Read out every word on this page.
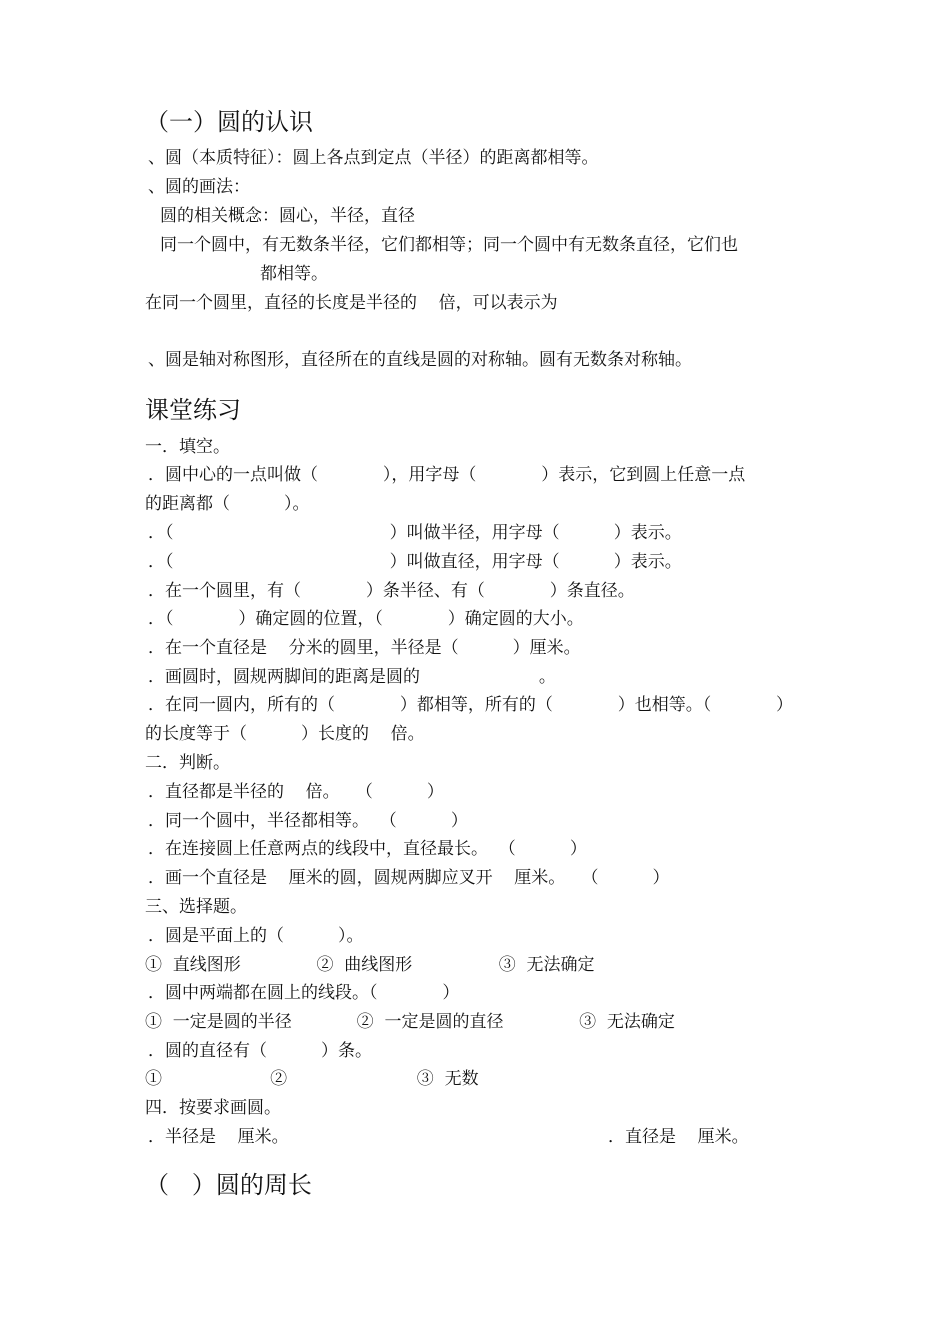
（一）圆的认识
、圆（本质特征）：圆上各点到定点（半径）的距离都相等。
、圆的画法：
圆的相关概念：圆心，半径，直径
同一个圆中，有无数条半径，它们都相等；同一个圆中有无数条直径，它们也
都相等。
在同一个圆里，直径的长度是半径的    倍，可以表示为
、圆是轴对称图形，直径所在的直线是圆的对称轴。圆有无数条对称轴。
课堂练习
一．填空。
．圆中心的一点叫做（            ），用字母（            ）表示，它到圆上任意一点
的距离都（          ）。
．（                                        ）叫做半径，用字母（          ）表示。
．（                                        ）叫做直径，用字母（          ）表示。
．在一个圆里，有（            ）条半径、有（            ）条直径。
．（            ）确定圆的位置，（            ）确定圆的大小。
．在一个直径是    分米的圆里，半径是（          ）厘米。
．画圆时，圆规两脚间的距离是圆的                      。
．在同一圆内，所有的（            ）都相等，所有的（            ）也相等。（            ）
的长度等于（          ）长度的    倍。
二．判断。
．直径都是半径的    倍。   （          ）
．同一个圆中，半径都相等。  （          ）
．在连接圆上任意两点的线段中，直径最长。  （          ）
．画一个直径是    厘米的圆，圆规两脚应叉开    厘米。   （          ）
三、选择题。
．圆是平面上的（          ）。
①  直线图形              ②  曲线图形                ③  无法确定
．圆中两端都在圆上的线段。（            ）
①  一定是圆的半径            ②  一定是圆的直径              ③  无法确定
．圆的直径有（          ）条。
①                    ②                        ③  无数
四．按要求画圆。
．半径是    厘米。	．直径是    厘米。
（   ）圆的周长
